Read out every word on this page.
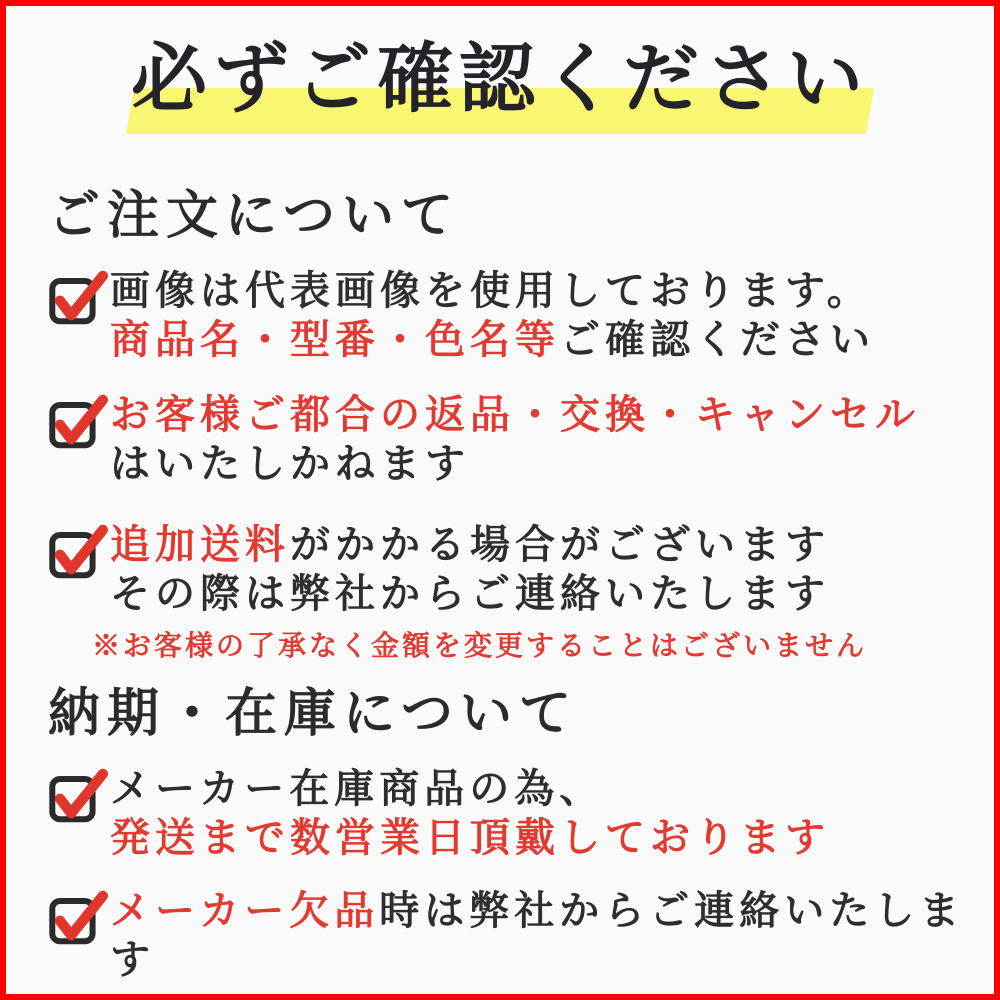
必ずご確認ください
ご注文について

画像は代表画像を使用しております。
商品名・型番・色名等ご確認ください

お客様ご都合の返品・交換・キャンセル
はいたしかねます

追加送料がかかる場合がございます
その際は弊社からご連絡いたします

※お客様の了承なく金額を変更することはございません

納期・在庫について

メーカー在庫商品の為、
発送まで数営業日頂戴しております

メーカー欠品時は弊社からご連絡いたします
